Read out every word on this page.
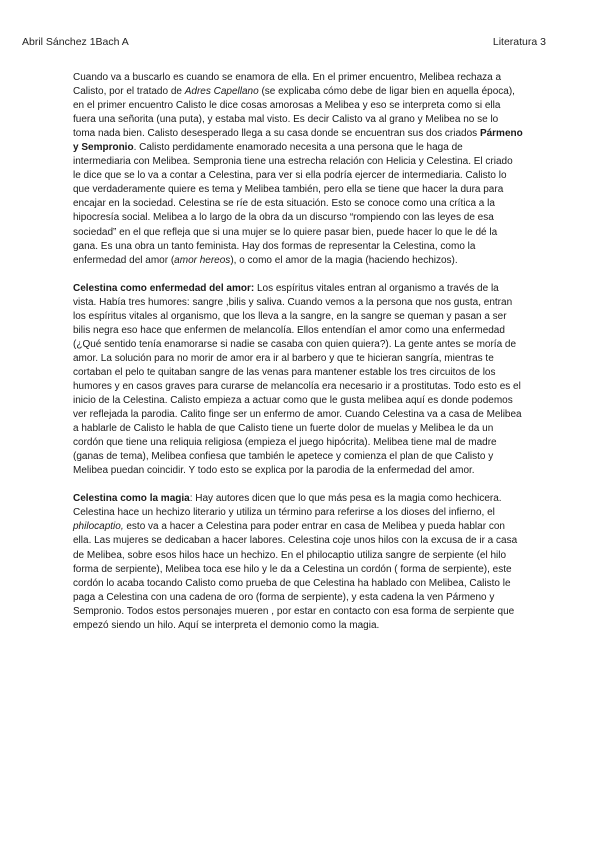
Abril Sánchez 1Bach A	Literatura 3

Cuando va a buscarlo es cuando se enamora de ella. En el primer encuentro, Melibea rechaza a Calisto, por el tratado de Adres Capellano (se explicaba cómo debe de ligar bien en aquella época), en el primer encuentro Calisto le dice cosas amorosas a Melibea y eso se interpreta como si ella fuera una señorita (una puta), y estaba mal visto. Es decir Calisto va al grano y Melibea no se lo toma nada bien. Calisto desesperado llega a su casa donde se encuentran sus dos criados Pármeno y Sempronio. Calisto perdidamente enamorado necesita a una persona que le haga de intermediaria con Melibea. Sempronia tiene una estrecha relación con Helicia y Celestina. El criado le dice que se lo va a contar a Celestina, para ver si ella podría ejercer de intermediaria. Calisto lo que verdaderamente quiere es tema y Melibea también, pero ella se tiene que hacer la dura para encajar en la sociedad. Celestina se ríe de esta situación. Esto se conoce como una crítica a la hipocresía social. Melibea a lo largo de la obra da un discurso “rompiendo con las leyes de esa sociedad” en el que refleja que si una mujer se lo quiere pasar bien, puede hacer lo que le dé la gana. Es una obra un tanto feminista. Hay dos formas de representar la Celestina, como la enfermedad del amor (amor hereos), o como el amor de la magia (haciendo hechizos).

Celestina como enfermedad del amor: Los espíritus vitales entran al organismo a través de la vista. Había tres humores: sangre ,bilis y saliva. Cuando vemos a la persona que nos gusta, entran los espíritus vitales al organismo, que los lleva a la sangre, en la sangre se queman y pasan a ser bilis negra eso hace que enfermen de melancolía. Ellos entendían el amor como una enfermedad (¿Qué sentido tenía enamorarse si nadie se casaba con quien quiera?). La gente antes se moría de amor. La solución para no morir de amor era ir al barbero y que te hicieran sangría, mientras te cortaban el pelo te quitaban sangre de las venas para mantener estable los tres circuitos de los humores y en casos graves para curarse de melancolía era necesario ir a prostitutas. Todo esto es el inicio de la Celestina. Calisto empieza a actuar como que le gusta melibea aquí es donde podemos ver reflejada la parodia. Calito finge ser un enfermo de amor. Cuando Celestina va a casa de Melibea a hablarle de Calisto le habla de que Calisto tiene un fuerte dolor de muelas y Melibea le da un cordón que tiene una reliquia religiosa (empieza el juego hipócrita). Melibea tiene mal de madre (ganas de tema), Melibea confiesa que también le apetece y comienza el plan de que Calisto y Melibea puedan coincidir. Y todo esto se explica por la parodia de la enfermedad del amor.

Celestina como la magia: Hay autores dicen que lo que más pesa es la magia como hechicera. Celestina hace un hechizo literario y utiliza un término para referirse a los dioses del infierno, el philocaptio, esto va a hacer a Celestina para poder entrar en casa de Melibea y pueda hablar con ella. Las mujeres se dedicaban a hacer labores. Celestina coje unos hilos con la excusa de ir a casa de Melibea, sobre esos hilos hace un hechizo. En el philocaptio utiliza sangre de serpiente (el hilo forma de serpiente), Melibea toca ese hilo y le da a Celestina un cordón ( forma de serpiente), este cordón lo acaba tocando Calisto como prueba de que Celestina ha hablado con Melibea, Calisto le paga a Celestina con una cadena de oro (forma de serpiente), y esta cadena la ven Pármeno y Sempronio. Todos estos personajes mueren , por estar en contacto con esa forma de serpiente que empezó siendo un hilo. Aquí se interpreta el demonio como la magia.
